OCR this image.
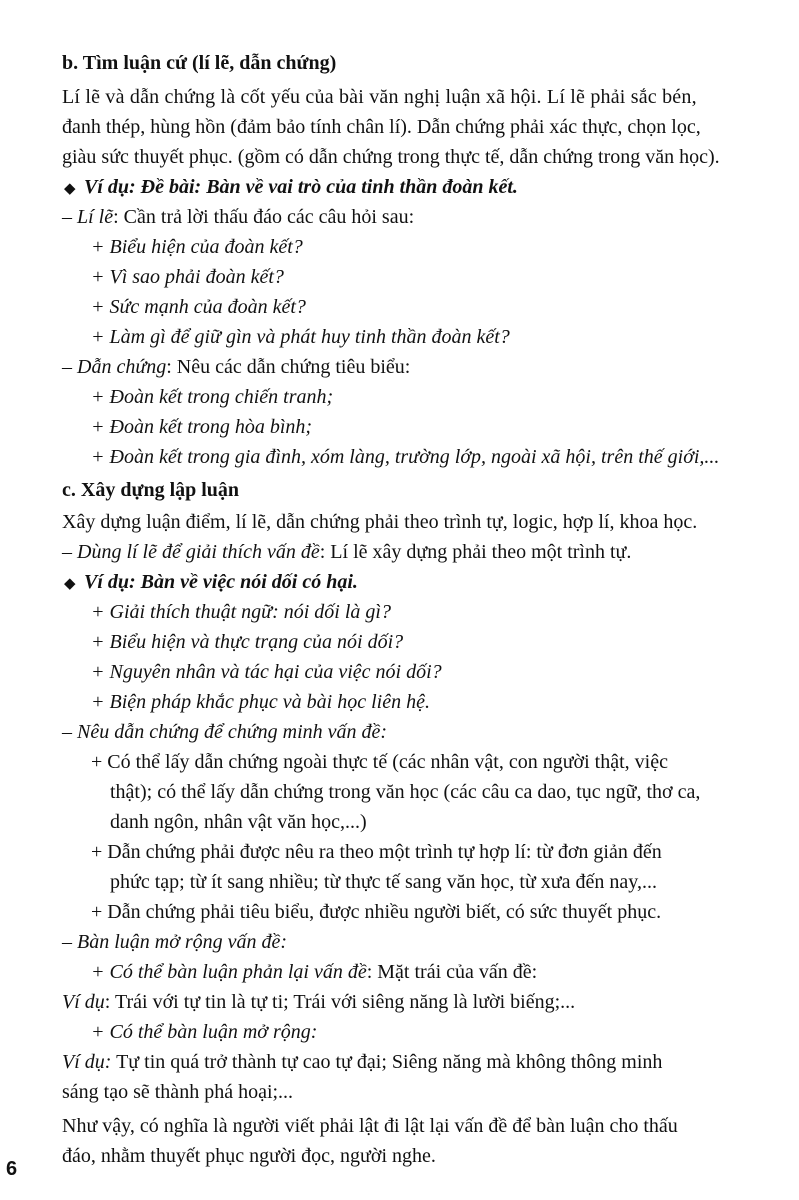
b. Tìm luận cứ (lí lẽ, dẫn chứng)
Lí lẽ và dẫn chứng là cốt yếu của bài văn nghị luận xã hội. Lí lẽ phải sắc bén,
đanh thép, hùng hồn (đảm bảo tính chân lí). Dẫn chứng phải xác thực, chọn lọc,
giàu sức thuyết phục. (gồm có dẫn chứng trong thực tế, dẫn chứng trong văn học).
◆ Ví dụ: Đề bài: Bàn về vai trò của tinh thần đoàn kết.
– Lí lẽ: Cần trả lời thấu đáo các câu hỏi sau:
+ Biểu hiện của đoàn kết?
+ Vì sao phải đoàn kết?
+ Sức mạnh của đoàn kết?
+ Làm gì để giữ gìn và phát huy tinh thần đoàn kết?
– Dẫn chứng: Nêu các dẫn chứng tiêu biểu:
+ Đoàn kết trong chiến tranh;
+ Đoàn kết trong hòa bình;
+ Đoàn kết trong gia đình, xóm làng, trường lớp, ngoài xã hội, trên thế giới,...
c. Xây dựng lập luận
Xây dựng luận điểm, lí lẽ, dẫn chứng phải theo trình tự, logic, hợp lí, khoa học.
– Dùng lí lẽ để giải thích vấn đề: Lí lẽ xây dựng phải theo một trình tự.
◆ Ví dụ: Bàn về việc nói dối có hại.
+ Giải thích thuật ngữ: nói dối là gì?
+ Biểu hiện và thực trạng của nói dối?
+ Nguyên nhân và tác hại của việc nói dối?
+ Biện pháp khắc phục và bài học liên hệ.
– Nêu dẫn chứng để chứng minh vấn đề:
+ Có thể lấy dẫn chứng ngoài thực tế (các nhân vật, con người thật, việc
thật); có thể lấy dẫn chứng trong văn học (các câu ca dao, tục ngữ, thơ ca,
danh ngôn, nhân vật văn học,...)
+ Dẫn chứng phải được nêu ra theo một trình tự hợp lí: từ đơn giản đến
phức tạp; từ ít sang nhiều; từ thực tế sang văn học, từ xưa đến nay,...
+ Dẫn chứng phải tiêu biểu, được nhiều người biết, có sức thuyết phục.
– Bàn luận mở rộng vấn đề:
+ Có thể bàn luận phản lại vấn đề: Mặt trái của vấn đề:
Ví dụ: Trái với tự tin là tự ti; Trái với siêng năng là lười biếng;...
+ Có thể bàn luận mở rộng:
Ví dụ: Tự tin quá trở thành tự cao tự đại; Siêng năng mà không thông minh
sáng tạo sẽ thành phá hoại;...
Như vậy, có nghĩa là người viết phải lật đi lật lại vấn đề để bàn luận cho thấu
đáo, nhằm thuyết phục người đọc, người nghe.
6
